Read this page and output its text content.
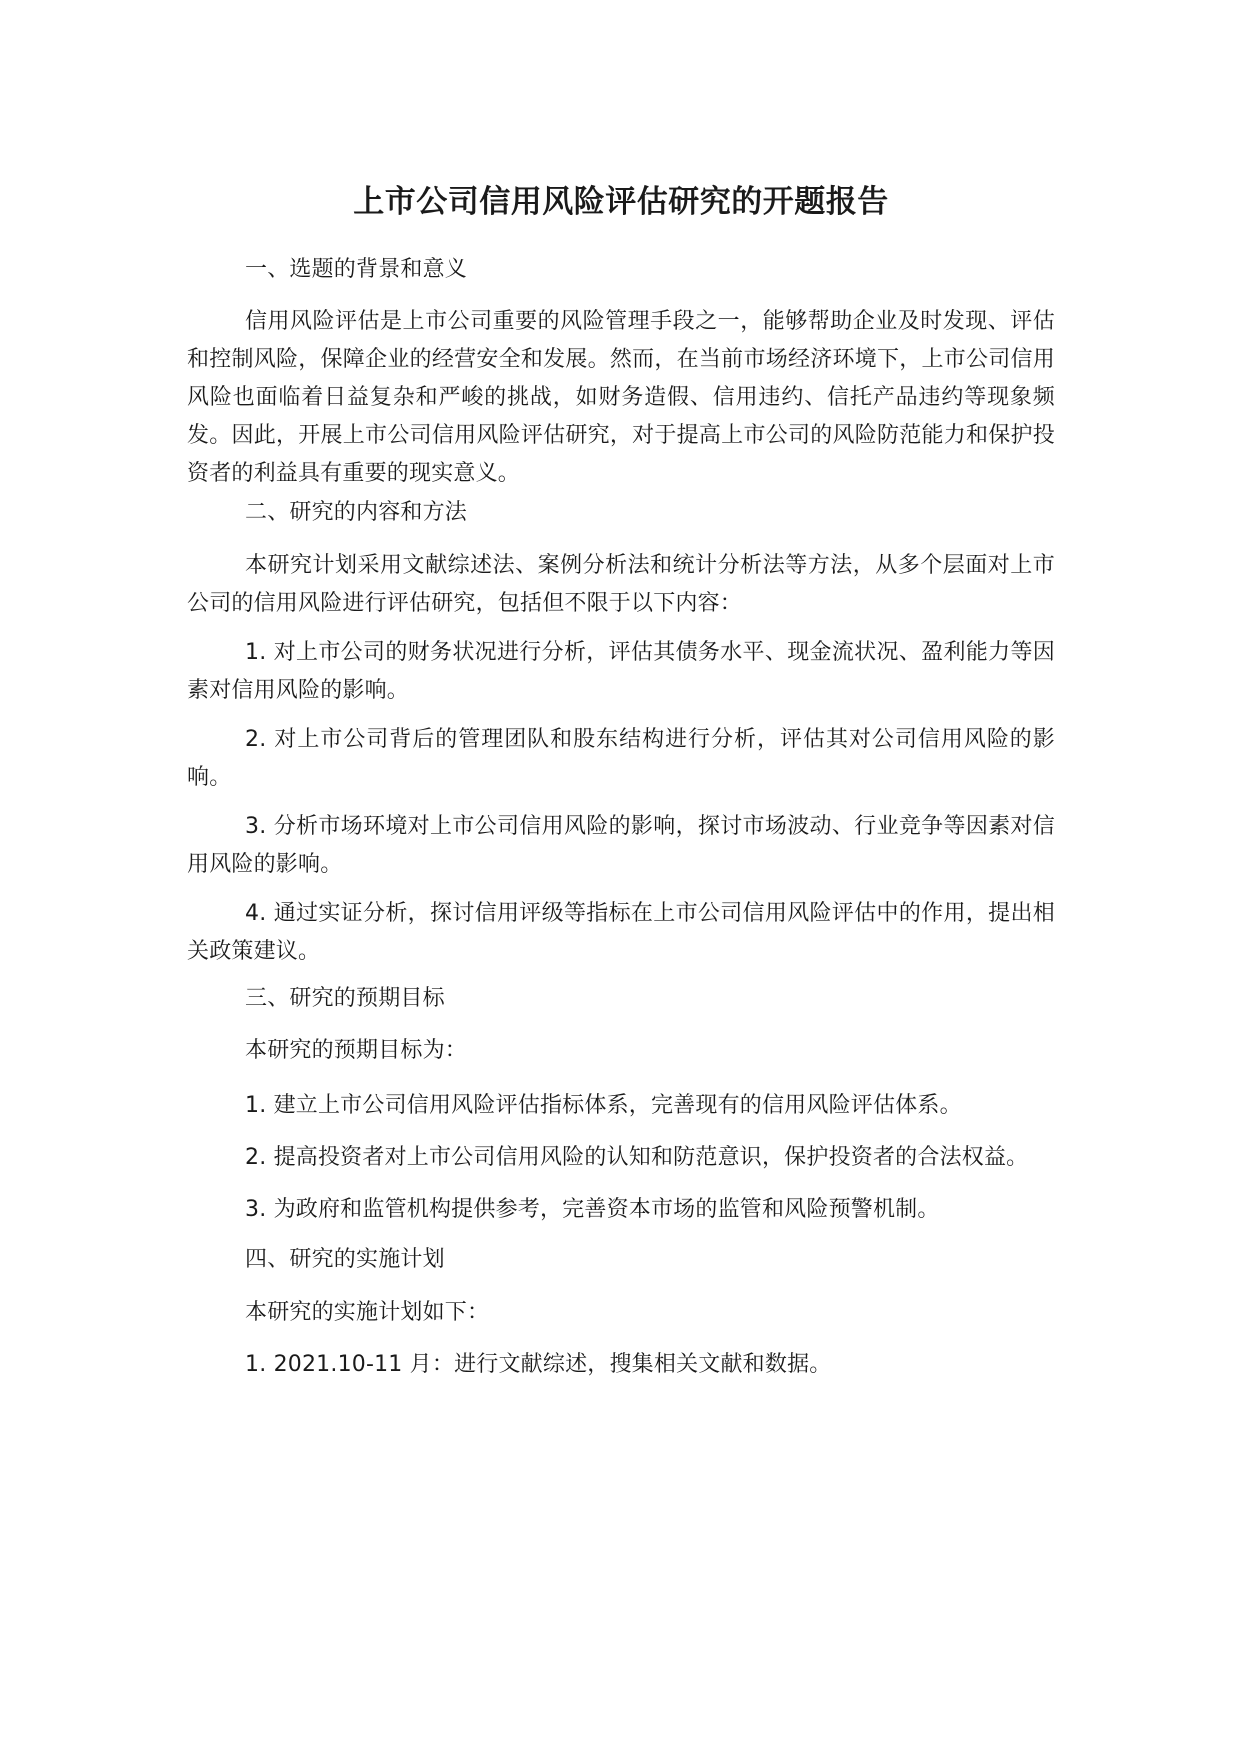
上市公司信用风险评估研究的开题报告
一、选题的背景和意义
信用风险评估是上市公司重要的风险管理手段之一，能够帮助企业及时发现、评估和控制风险，保障企业的经营安全和发展。然而，在当前市场经济环境下，上市公司信用风险也面临着日益复杂和严峻的挑战，如财务造假、信用违约、信托产品违约等现象频发。因此，开展上市公司信用风险评估研究，对于提高上市公司的风险防范能力和保护投资者的利益具有重要的现实意义。
二、研究的内容和方法
本研究计划采用文献综述法、案例分析法和统计分析法等方法，从多个层面对上市公司的信用风险进行评估研究，包括但不限于以下内容：
1. 对上市公司的财务状况进行分析，评估其债务水平、现金流状况、盈利能力等因素对信用风险的影响。
2. 对上市公司背后的管理团队和股东结构进行分析，评估其对公司信用风险的影响。
3. 分析市场环境对上市公司信用风险的影响，探讨市场波动、行业竞争等因素对信用风险的影响。
4. 通过实证分析，探讨信用评级等指标在上市公司信用风险评估中的作用，提出相关政策建议。
三、研究的预期目标
本研究的预期目标为：
1. 建立上市公司信用风险评估指标体系，完善现有的信用风险评估体系。
2. 提高投资者对上市公司信用风险的认知和防范意识，保护投资者的合法权益。
3. 为政府和监管机构提供参考，完善资本市场的监管和风险预警机制。
四、研究的实施计划
本研究的实施计划如下：
1. 2021.10-11 月：进行文献综述，搜集相关文献和数据。
